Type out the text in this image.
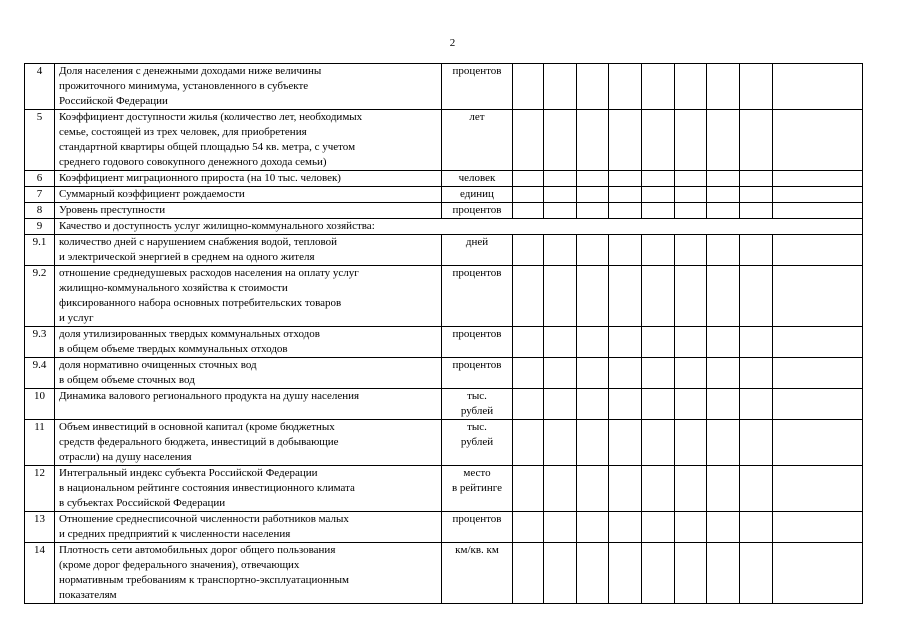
2
4	Доля населения с денежными доходами ниже величины
прожиточного минимума, установленного в субъекте
Российской Федерации	процентов									
5	Коэффициент доступности жилья (количество лет, необходимых
семье, состоящей из трех человек, для приобретения
стандартной квартиры общей площадью 54 кв. метра, с учетом
среднего годового совокупного денежного дохода семьи)	лет									
6	Коэффициент миграционного прироста (на 10 тыс. человек)	человек									
7	Суммарный коэффициент рождаемости	единиц									
8	Уровень преступности	процентов									
9	Качество и доступность услуг жилищно-коммунального хозяйства:										
9.1	количество дней с нарушением снабжения водой, тепловой
и электрической энергией в среднем на одного жителя	дней									
9.2	отношение среднедушевых расходов населения на оплату услуг
жилищно-коммунального хозяйства к стоимости
фиксированного набора основных потребительских товаров
и услуг	процентов									
9.3	доля утилизированных твердых коммунальных отходов
в общем объеме твердых коммунальных отходов	процентов									
9.4	доля нормативно очищенных сточных вод
в общем объеме сточных вод	процентов									
10	Динамика валового регионального продукта на душу населения	тыс.
рублей									
11	Объем инвестиций в основной капитал (кроме бюджетных
средств федерального бюджета, инвестиций в добывающие
отрасли) на душу населения	тыс.
рублей									
12	Интегральный индекс субъекта Российской Федерации
в национальном рейтинге состояния инвестиционного климата
в субъектах Российской Федерации	место
в рейтинге									
13	Отношение среднесписочной численности работников малых
и средних предприятий к численности населения	процентов									
14	Плотность сети автомобильных дорог общего пользования
(кроме дорог федерального значения), отвечающих
нормативным требованиям к транспортно-эксплуатационным
показателям	км/кв. км									
